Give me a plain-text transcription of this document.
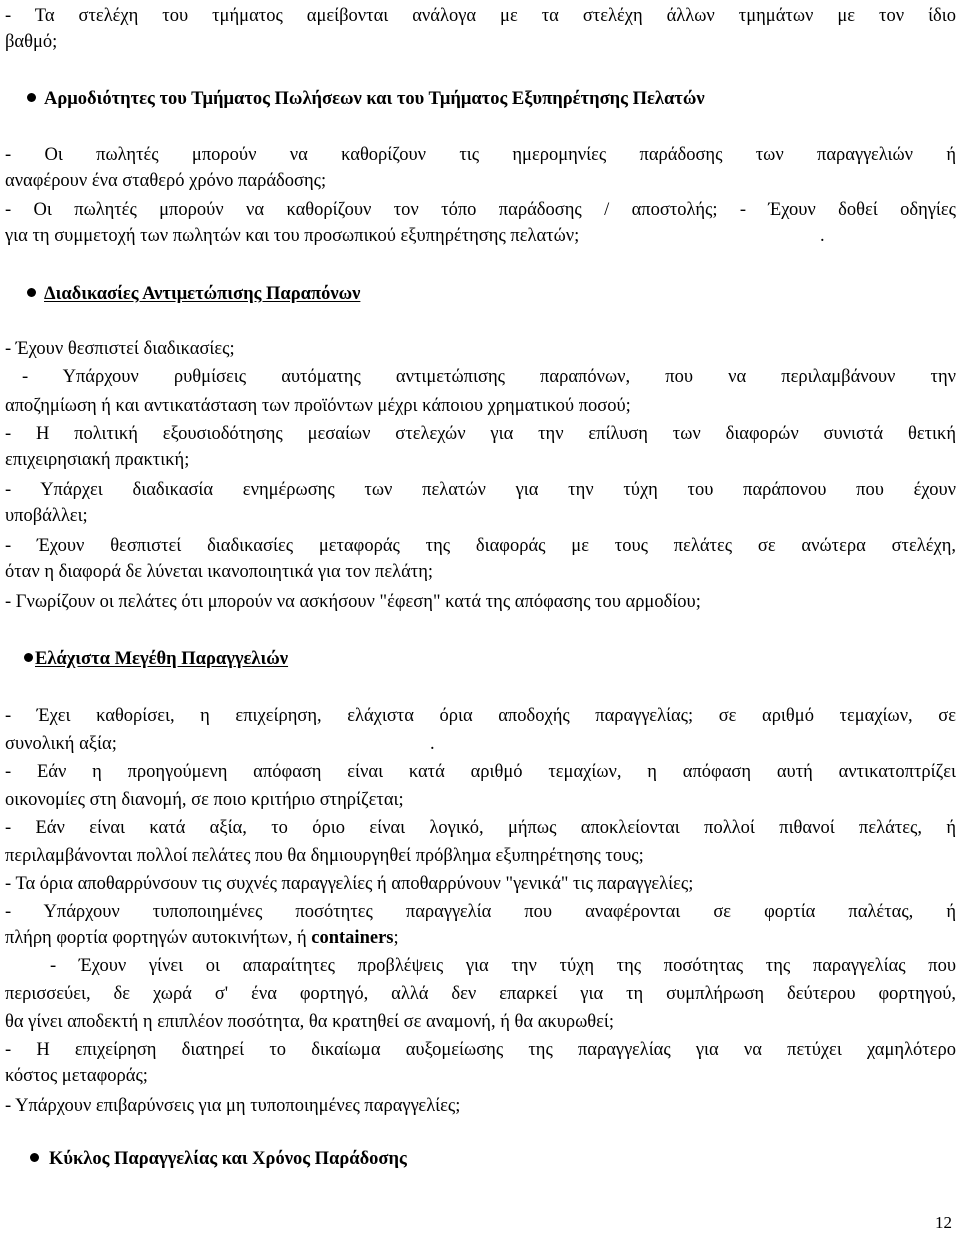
- Τα στελέχη του τμήματος αμείβονται ανάλογα με τα στελέχη άλλων τμημάτων με τον ίδιο
βαθμό;
Αρμοδιότητες του Τμήματος Πωλήσεων και του Τμήματος Εξυπηρέτησης Πελατών
- Οι πωλητές μπορούν να καθορίζουν τις ημερομηνίες παράδοσης των παραγγελιών ή
αναφέρουν ένα σταθερό χρόνο παράδοσης;
- Οι πωλητές μπορούν να καθορίζουν τον τόπο παράδοσης / αποστολής; - Έχουν δοθεί οδηγίες
για τη συμμετοχή των πωλητών και του προσωπικού εξυπηρέτησης πελατών;	.
Διαδικασίες Αντιμετώπισης Παραπόνων
- Έχουν θεσπιστεί διαδικασίες;
- Υπάρχουν ρυθμίσεις αυτόματης αντιμετώπισης παραπόνων, που να περιλαμβάνουν την
αποζημίωση ή και αντικατάσταση των προϊόντων μέχρι κάποιου χρηματικού ποσού;
- Η πολιτική εξουσιοδότησης μεσαίων στελεχών για την επίλυση των διαφορών συνιστά θετική
επιχειρησιακή πρακτική;
- Υπάρχει διαδικασία ενημέρωσης των πελατών για την τύχη του παράπονου που έχουν
υποβάλλει;
- Έχουν θεσπιστεί διαδικασίες μεταφοράς της διαφοράς με τους πελάτες σε ανώτερα στελέχη,
όταν η διαφορά δε λύνεται ικανοποιητικά για τον πελάτη;
- Γνωρίζουν οι πελάτες ότι μπορούν να ασκήσουν "έφεση" κατά της απόφασης του αρμοδίου;
Ελάχιστα Μεγέθη Παραγγελιών
- Έχει καθορίσει, η επιχείρηση, ελάχιστα όρια αποδοχής παραγγελίας; σε αριθμό τεμαχίων, σε
συνολική αξία;	.
- Εάν η προηγούμενη απόφαση είναι κατά αριθμό τεμαχίων, η απόφαση αυτή αντικατοπτρίζει
οικονομίες στη διανομή, σε ποιο κριτήριο στηρίζεται;
- Εάν είναι κατά αξία, το όριο είναι λογικό, μήπως αποκλείονται πολλοί πιθανοί πελάτες, ή
περιλαμβάνονται πολλοί πελάτες που θα δημιουργηθεί πρόβλημα εξυπηρέτησης τους;
- Τα όρια αποθαρρύνσουν τις συχνές παραγγελίες ή αποθαρρύνουν "γενικά" τις παραγγελίες;
- Υπάρχουν τυποποιημένες ποσότητες παραγγελία που αναφέρονται σε φορτία παλέτας, ή
πλήρη φορτία φορτηγών αυτοκινήτων, ή containers;
- Έχουν γίνει οι απαραίτητες προβλέψεις για την τύχη της ποσότητας της παραγγελίας που
περισσεύει, δε χωρά σ' ένα φορτηγό, αλλά δεν επαρκεί για τη συμπλήρωση δεύτερου φορτηγού,
θα γίνει αποδεκτή η επιπλέον ποσότητα, θα κρατηθεί σε αναμονή, ή θα ακυρωθεί;
- Η επιχείρηση διατηρεί το δικαίωμα αυξομείωσης της παραγγελίας για να πετύχει χαμηλότερο
κόστος μεταφοράς;
- Υπάρχουν επιβαρύνσεις για μη τυποποιημένες παραγγελίες;
Κύκλος Παραγγελίας και Χρόνος Παράδοσης
12
